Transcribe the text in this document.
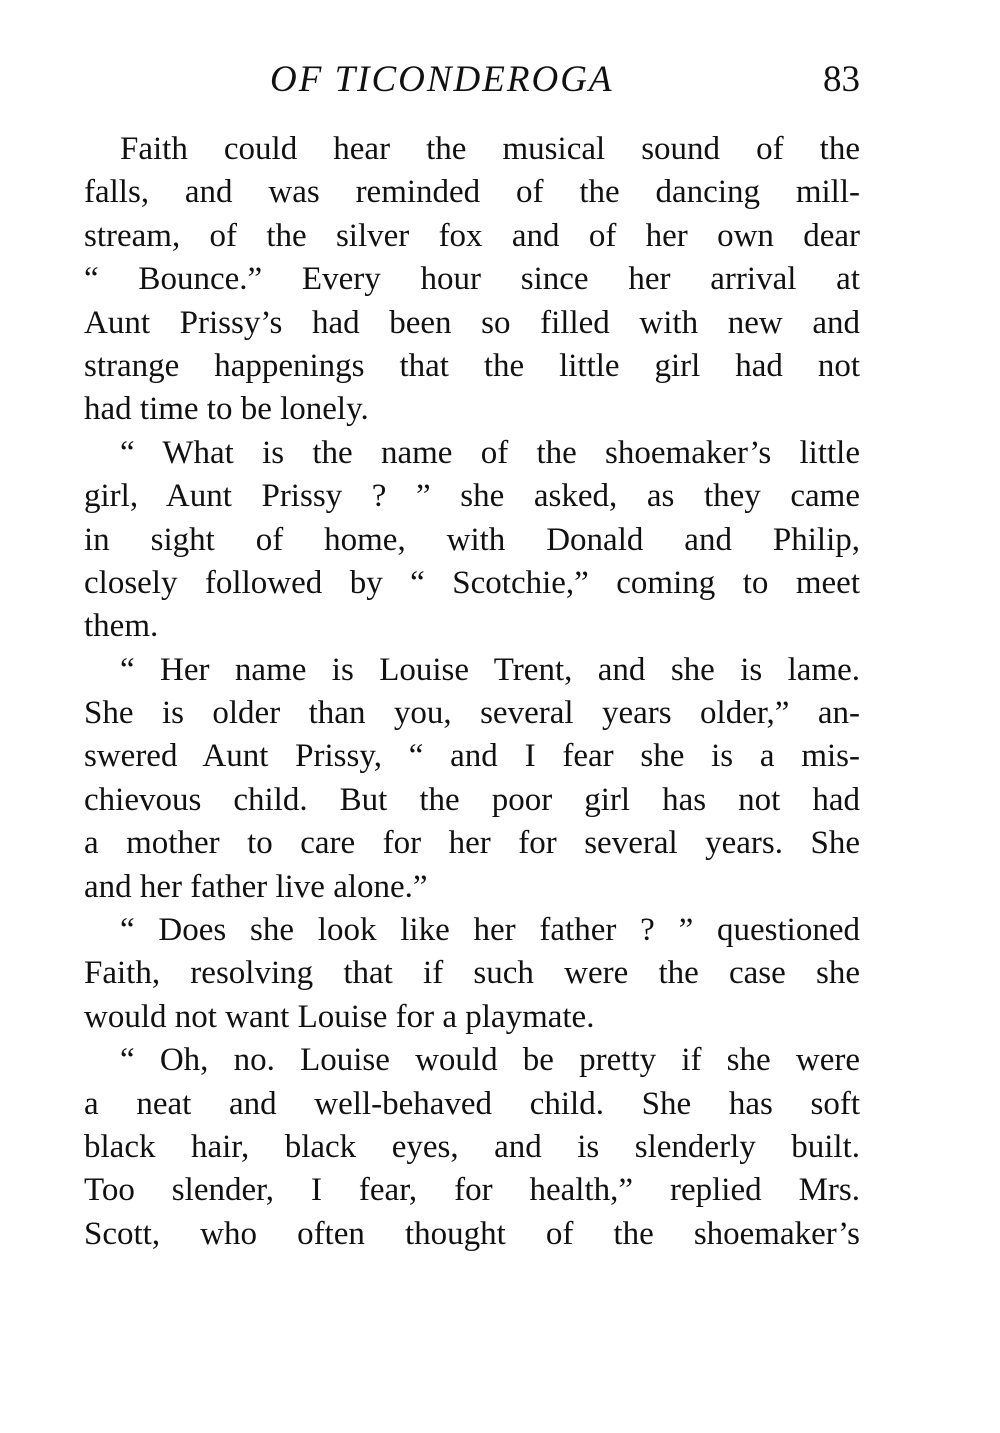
OF TICONDEROGA	83
Faith could hear the musical sound of the
falls, and was reminded of the dancing mill-
stream, of the silver fox and of her own dear
“ Bounce.” Every hour since her arrival at
Aunt Prissy’s had been so filled with new and
strange happenings that the little girl had not
had time to be lonely.
“ What is the name of the shoemaker’s little
girl, Aunt Prissy ? ” she asked, as they came
in sight of home, with Donald and Philip,
closely followed by “ Scotchie,” coming to meet
them.
“ Her name is Louise Trent, and she is lame.
She is older than you, several years older,” an-
swered Aunt Prissy, “ and I fear she is a mis-
chievous child. But the poor girl has not had
a mother to care for her for several years. She
and her father live alone.”
“ Does she look like her father ? ” questioned
Faith, resolving that if such were the case she
would not want Louise for a playmate.
“ Oh, no. Louise would be pretty if she were
a neat and well-behaved child. She has soft
black hair, black eyes, and is slenderly built.
Too slender, I fear, for health,” replied Mrs.
Scott, who often thought of the shoemaker’s
